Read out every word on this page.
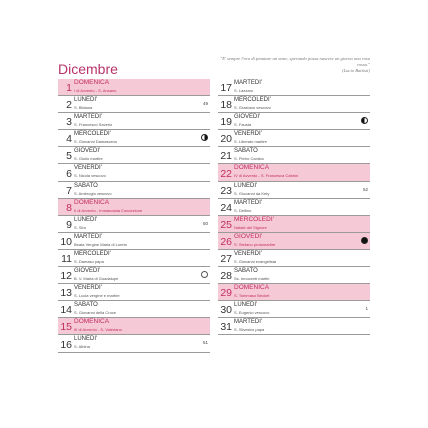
Dicembre
"E' sempre l'ora di piantare un seme, sperando possa nascere un giorno una rosa rossa."
(Lucio Battisti)
1 DOMENICA
I di Avvento - S. Ansano
2 LUNEDI'
S. Bibiana
49
3 MARTEDI'
S. Francesco Saverio
4 MERCOLEDI'
S. Giovanni Damasceno
5 GIOVEDI'
S. Giulio martire
6 VENERDI'
S. Nicola vescovo
7 SABATO
S. Ambrogio vescovo
8 DOMENICA
II di Avvento - Immacolata Concezione
9 LUNEDI'
S. Siro
50
10 MARTEDI'
Beata Vergine Maria di Loreto
11 MERCOLEDI'
S. Damaso papa
12 GIOVEDI'
B. V. Maria di Guadalupe
13 VENERDI'
S. Lucia vergine e martire
14 SABATO
S. Giovanni della Croce
15 DOMENICA
III di Avvento - S. Valeriano
16 LUNEDI'
S. Albina
51
17 MARTEDI'
S. Lazzaro
18 MERCOLEDI'
S. Graziano vescovo
19 GIOVEDI'
S. Fausta
20 VENERDI'
S. Liberato martire
21 SABATO
S. Pietro Canisio
22 DOMENICA
IV di Avvento - S. Francesca Cabrini
23 LUNEDI'
S. Giovanni da Kety
52
24 MARTEDI'
S. Delfino
25 MERCOLEDI'
Natale del Signore
26 GIOVEDI'
S. Stefano protomartire
27 VENERDI'
S. Giovanni evangelista
28 SABATO
Ss. Innocenti martiri
29 DOMENICA
S. Tommaso Becket
30 LUNEDI'
S. Eugenio vescovo
1
31 MARTEDI'
S. Silvestro papa
